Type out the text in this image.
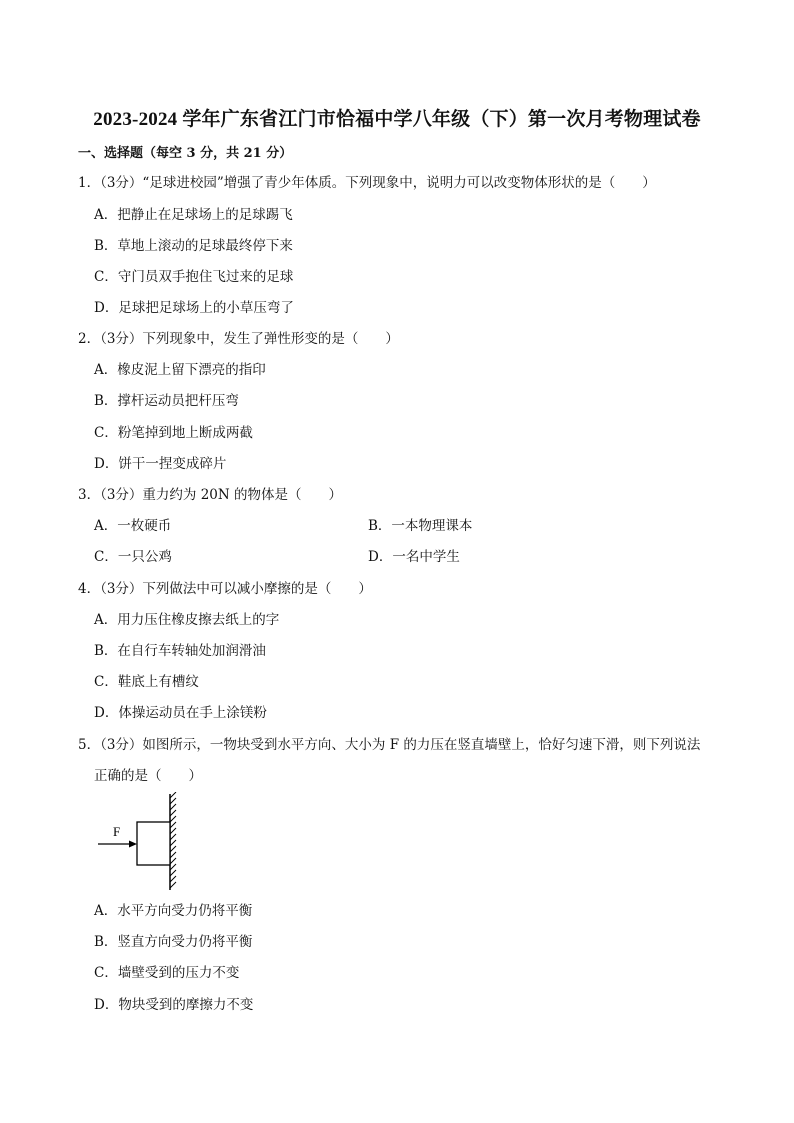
2023-2024 学年广东省江门市恰福中学八年级（下）第一次月考物理试卷
一、选择题（每空 3 分，共 21 分）
1．（3分）“足球进校园”增强了青少年体质。下列现象中，说明力可以改变物体形状的是（　　）
A．把静止在足球场上的足球踢飞
B．草地上滚动的足球最终停下来
C．守门员双手抱住飞过来的足球
D．足球把足球场上的小草压弯了
2．（3分）下列现象中，发生了弹性形变的是（　　）
A．橡皮泥上留下漂亮的指印
B．撑杆运动员把杆压弯
C．粉笔掉到地上断成两截
D．饼干一捏变成碎片
3．（3分）重力约为 20N 的物体是（　　）
A．一枚硬币	B．一本物理课本
C．一只公鸡	D．一名中学生
4．（3分）下列做法中可以减小摩擦的是（　　）
A．用力压住橡皮擦去纸上的字
B．在自行车转轴处加润滑油
C．鞋底上有槽纹
D．体操运动员在手上涂镁粉
5．（3分）如图所示，一物块受到水平方向、大小为 F 的力压在竖直墙壁上，恰好匀速下滑，则下列说法
正确的是（　　）
F
A．水平方向受力仍将平衡
B．竖直方向受力仍将平衡
C．墙壁受到的压力不变
D．物块受到的摩擦力不变
